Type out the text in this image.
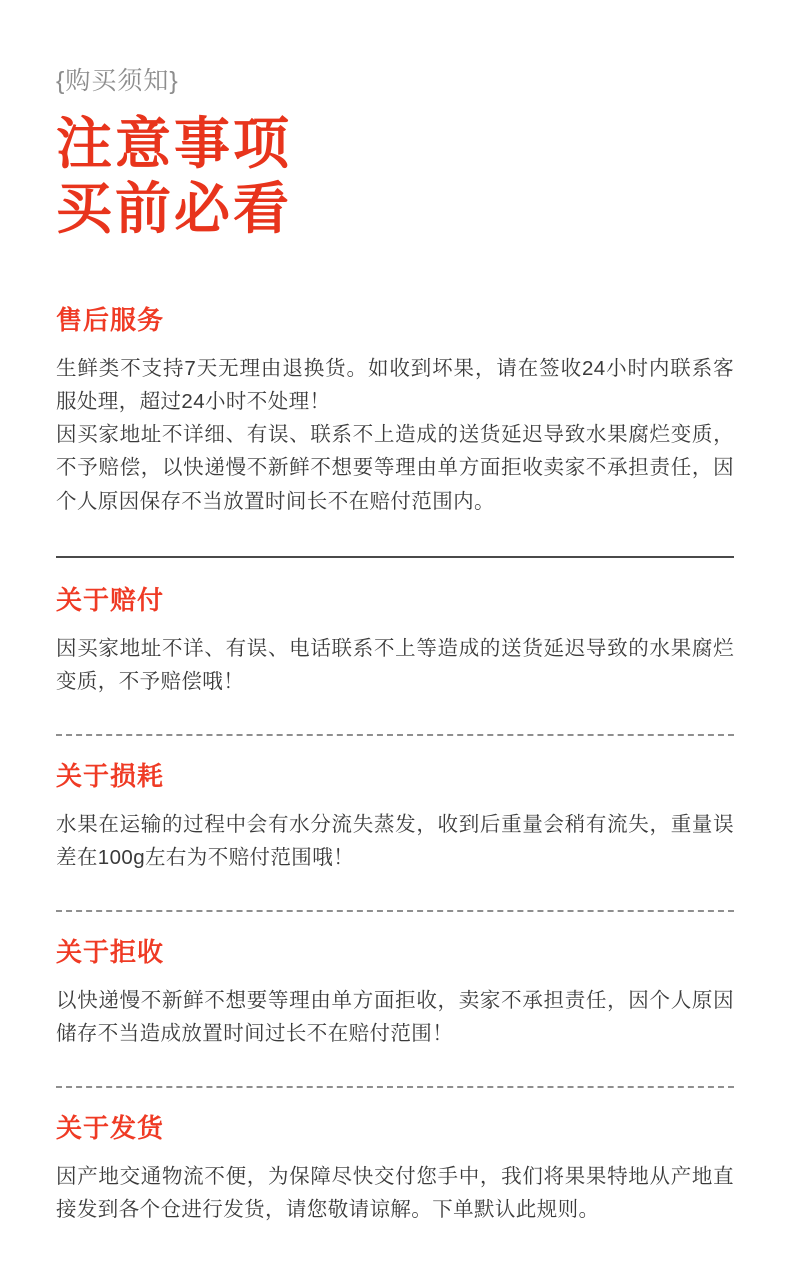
{购买须知}
注意事项
买前必看
售后服务

生鲜类不支持7天无理由退换货。如收到坏果，请在签收24小时内联系客服处理，超过24小时不处理！

因买家地址不详细、有误、联系不上造成的送货延迟导致水果腐烂变质，不予赔偿，以快递慢不新鲜不想要等理由单方面拒收卖家不承担责任，因个人原因保存不当放置时间长不在赔付范围内。

关于赔付

因买家地址不详、有误、电话联系不上等造成的送货延迟导致的水果腐烂变质，不予赔偿哦！

关于损耗

水果在运输的过程中会有水分流失蒸发，收到后重量会稍有流失，重量误差在100g左右为不赔付范围哦！

关于拒收

以快递慢不新鲜不想要等理由单方面拒收，卖家不承担责任，因个人原因储存不当造成放置时间过长不在赔付范围！

关于发货

因产地交通物流不便，为保障尽快交付您手中，我们将果果特地从产地直接发到各个仓进行发货，请您敬请谅解。下单默认此规则。
